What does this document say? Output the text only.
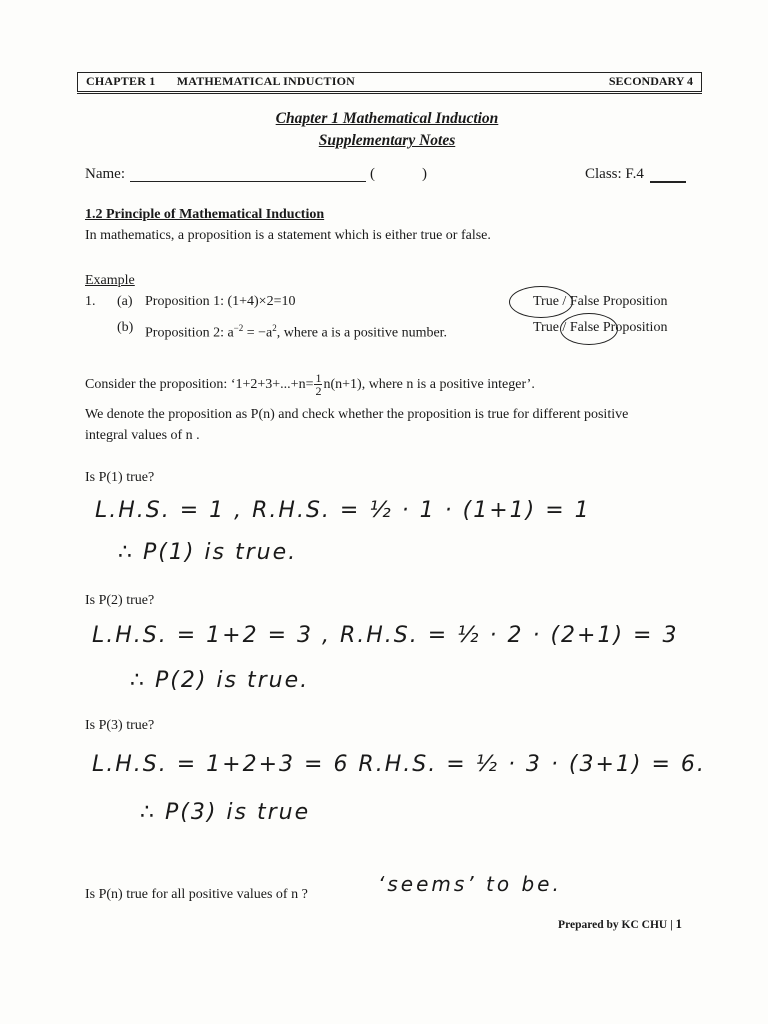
CHAPTER 1 MATHEMATICAL INDUCTION	SECONDARY 4
Chapter 1 Mathematical Induction
Supplementary Notes
Name:	(	)	Class: F.4
1.2 Principle of Mathematical Induction
In mathematics, a proposition is a statement which is either true or false.
Example
1. (a) Proposition 1: (1+4)×2=10	True / False Proposition
(b) Proposition 2: $a^{-2} = -a^2$, where a is a positive number.	True / False Proposition
Consider the proposition: ‘$1+2+3+...+n= \frac{1}{2} n(n+1)$, where n is a positive integer’.
We denote the proposition as P(n) and check whether the proposition is true for different positive
integral values of n .
Is P(1) true?
L.H.S. = 1 , R.H.S. = ½ · 1 · (1+1) = 1
∴ P(1) is true.
Is P(2) true?
L.H.S. = 1+2 = 3 , R.H.S. = ½ · 2 · (2+1) = 3
∴ P(2) is true.
Is P(3) true?
L.H.S. = 1+2+3 = 6 R.H.S. = ½ · 3 · (3+1) = 6.
∴ P(3) is true
Is P(n) true for all positive values of n ?	‘seems’ to be.
Prepared by KC CHU | 1
